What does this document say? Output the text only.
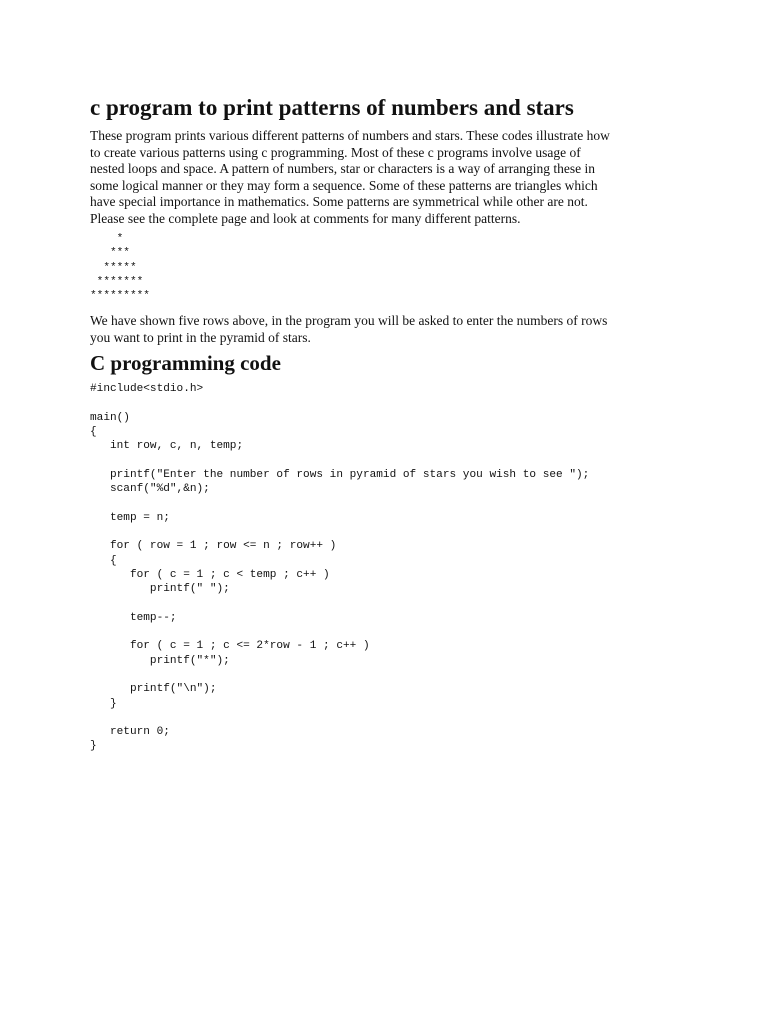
c program to print patterns of numbers and stars

These program prints various different patterns of numbers and stars. These codes illustrate how
to create various patterns using c programming. Most of these c programs involve usage of
nested loops and space. A pattern of numbers, star or characters is a way of arranging these in
some logical manner or they may form a sequence. Some of these patterns are triangles which
have special importance in mathematics. Some patterns are symmetrical while other are not.
Please see the complete page and look at comments for many different patterns.

*
***
*****
*******
*********

We have shown five rows above, in the program you will be asked to enter the numbers of rows
you want to print in the pyramid of stars.

C programming code
#include<stdio.h>

main()
{
int row, c, n, temp;

printf("Enter the number of rows in pyramid of stars you wish to see ");
scanf("%d",&n);

temp = n;

for ( row = 1 ; row <= n ; row++ )
{
for ( c = 1 ; c < temp ; c++ )
printf(" ");

temp--;

for ( c = 1 ; c <= 2*row - 1 ; c++ )
printf("*");

printf("\n");
}

return 0;
}
